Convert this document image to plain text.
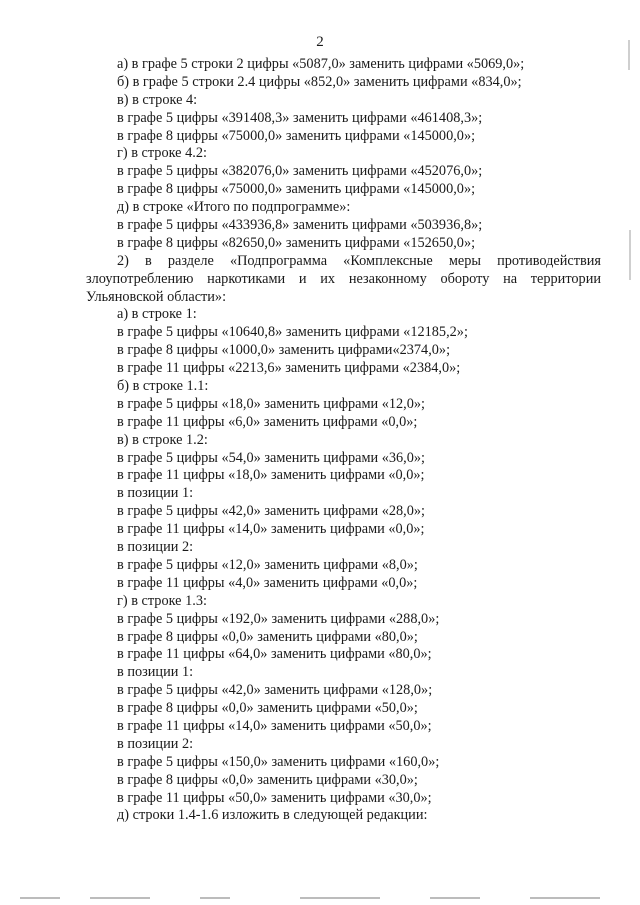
2
а) в графе 5 строки 2 цифры «5087,0» заменить цифрами «5069,0»;
б) в графе 5 строки 2.4 цифры «852,0» заменить цифрами «834,0»;
в) в строке 4:
в графе 5 цифры «391408,3» заменить цифрами «461408,3»;
в графе 8 цифры «75000,0» заменить цифрами «145000,0»;
г) в строке 4.2:
в графе 5 цифры «382076,0» заменить цифрами «452076,0»;
в графе 8 цифры «75000,0» заменить цифрами «145000,0»;
д) в строке «Итого по подпрограмме»:
в графе 5 цифры «433936,8» заменить цифрами «503936,8»;
в графе 8 цифры «82650,0» заменить цифрами «152650,0»;
2) в разделе «Подпрограмма «Комплексные меры противодействия
злоупотреблению наркотиками и их незаконному обороту на территории
Ульяновской области»:
а) в строке 1:
в графе 5 цифры «10640,8» заменить цифрами «12185,2»;
в графе 8 цифры «1000,0» заменить цифрами«2374,0»;
в графе 11 цифры «2213,6» заменить цифрами «2384,0»;
б) в строке 1.1:
в графе 5 цифры «18,0» заменить цифрами «12,0»;
в графе 11 цифры «6,0» заменить цифрами «0,0»;
в) в строке 1.2:
в графе 5 цифры «54,0» заменить цифрами «36,0»;
в графе 11 цифры «18,0» заменить цифрами «0,0»;
в позиции 1:
в графе 5 цифры «42,0» заменить цифрами «28,0»;
в графе 11 цифры «14,0» заменить цифрами «0,0»;
в позиции 2:
в графе 5 цифры «12,0» заменить цифрами «8,0»;
в графе 11 цифры «4,0» заменить цифрами «0,0»;
г) в строке 1.3:
в графе 5 цифры «192,0» заменить цифрами «288,0»;
в графе 8 цифры «0,0» заменить цифрами «80,0»;
в графе 11 цифры «64,0» заменить цифрами «80,0»;
в позиции 1:
в графе 5 цифры «42,0» заменить цифрами «128,0»;
в графе 8 цифры «0,0» заменить цифрами «50,0»;
в графе 11 цифры «14,0» заменить цифрами «50,0»;
в позиции 2:
в графе 5 цифры «150,0» заменить цифрами «160,0»;
в графе 8 цифры «0,0» заменить цифрами «30,0»;
в графе 11 цифры «50,0» заменить цифрами «30,0»;
д) строки 1.4-1.6 изложить в следующей редакции:
